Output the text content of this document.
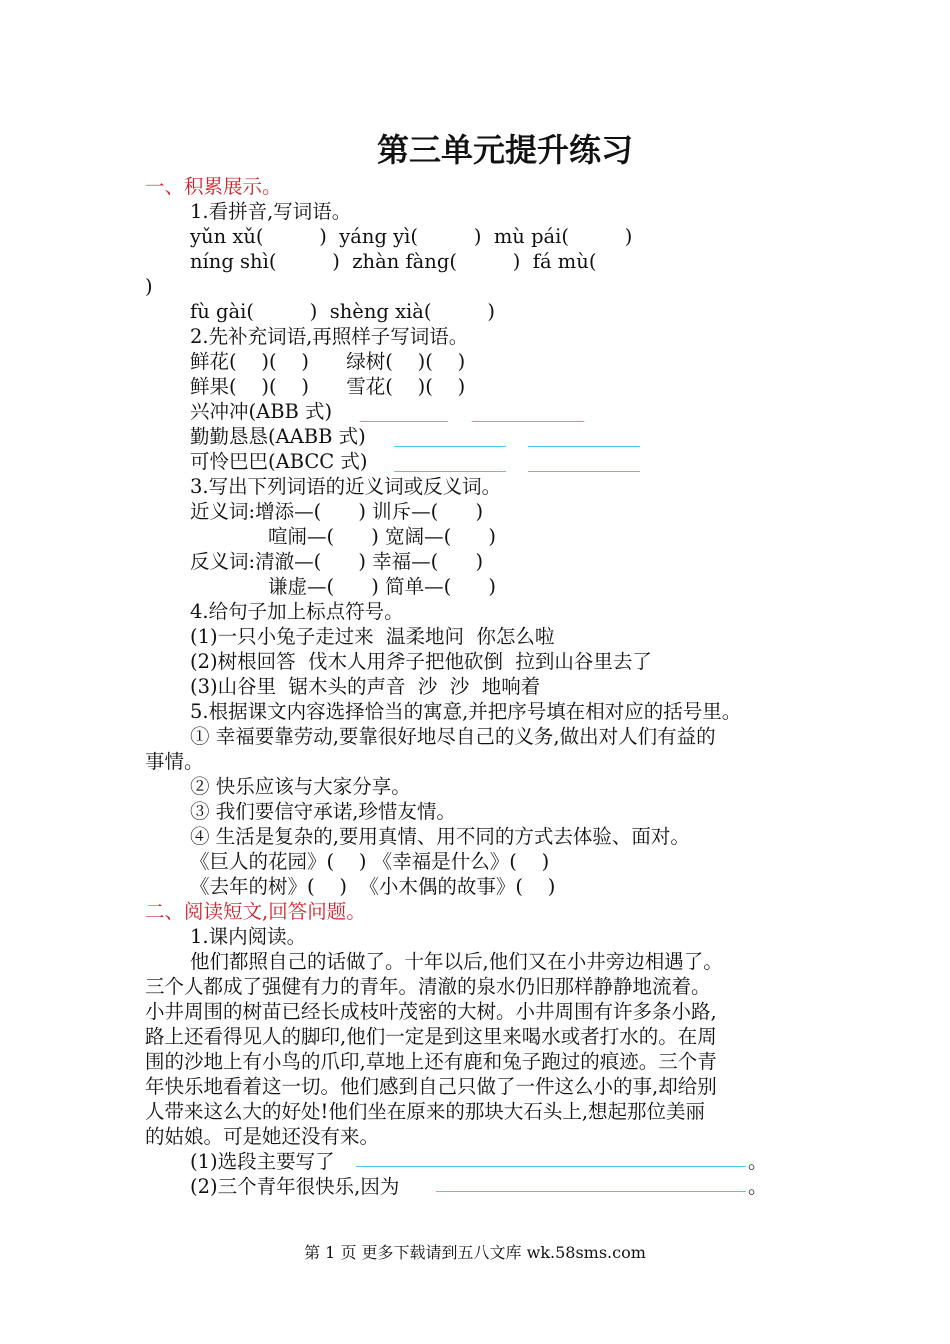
第三单元提升练习
一、积累展示。
1.看拼音,写词语。
yǔn xǔ(         )  yáng yì(         )  mù pái(         )
níng shì(         )  zhàn fàng(         )  fá mù(
)
fù gài(         )  shèng xià(         )
2.先补充词语,再照样子写词语。
鲜花(    )(    )      绿树(    )(    )
鲜果(    )(    )      雪花(    )(    )
兴冲冲(ABB 式)
勤勤恳恳(AABB 式)
可怜巴巴(ABCC 式)
3.写出下列词语的近义词或反义词。
近义词:增添—(      ) 训斥—(      )
喧闹—(      ) 宽阔—(      )
反义词:清澈—(      ) 幸福—(      )
谦虚—(      ) 简单—(      )
4.给句子加上标点符号。
(1)一只小兔子走过来  温柔地问  你怎么啦
(2)树根回答  伐木人用斧子把他砍倒  拉到山谷里去了
(3)山谷里  锯木头的声音  沙  沙  地响着
5.根据课文内容选择恰当的寓意,并把序号填在相对应的括号里。
① 幸福要靠劳动,要靠很好地尽自己的义务,做出对人们有益的
事情。
② 快乐应该与大家分享。
③ 我们要信守承诺,珍惜友情。
④ 生活是复杂的,要用真情、用不同的方式去体验、面对。
《巨人的花园》(    ) 《幸福是什么》(    )
《去年的树》(    )  《小木偶的故事》(    )
二、阅读短文,回答问题。
1.课内阅读。
他们都照自己的话做了。十年以后,他们又在小井旁边相遇了。
三个人都成了强健有力的青年。清澈的泉水仍旧那样静静地流着。
小井周围的树苗已经长成枝叶茂密的大树。小井周围有许多条小路,
路上还看得见人的脚印,他们一定是到这里来喝水或者打水的。在周
围的沙地上有小鸟的爪印,草地上还有鹿和兔子跑过的痕迹。三个青
年快乐地看着这一切。他们感到自己只做了一件这么小的事,却给别
人带来这么大的好处!他们坐在原来的那块大石头上,想起那位美丽
的姑娘。可是她还没有来。
(1)选段主要写了	。
(2)三个青年很快乐,因为	。
第 1 页 更多下载请到五八文库 wk.58sms.com
